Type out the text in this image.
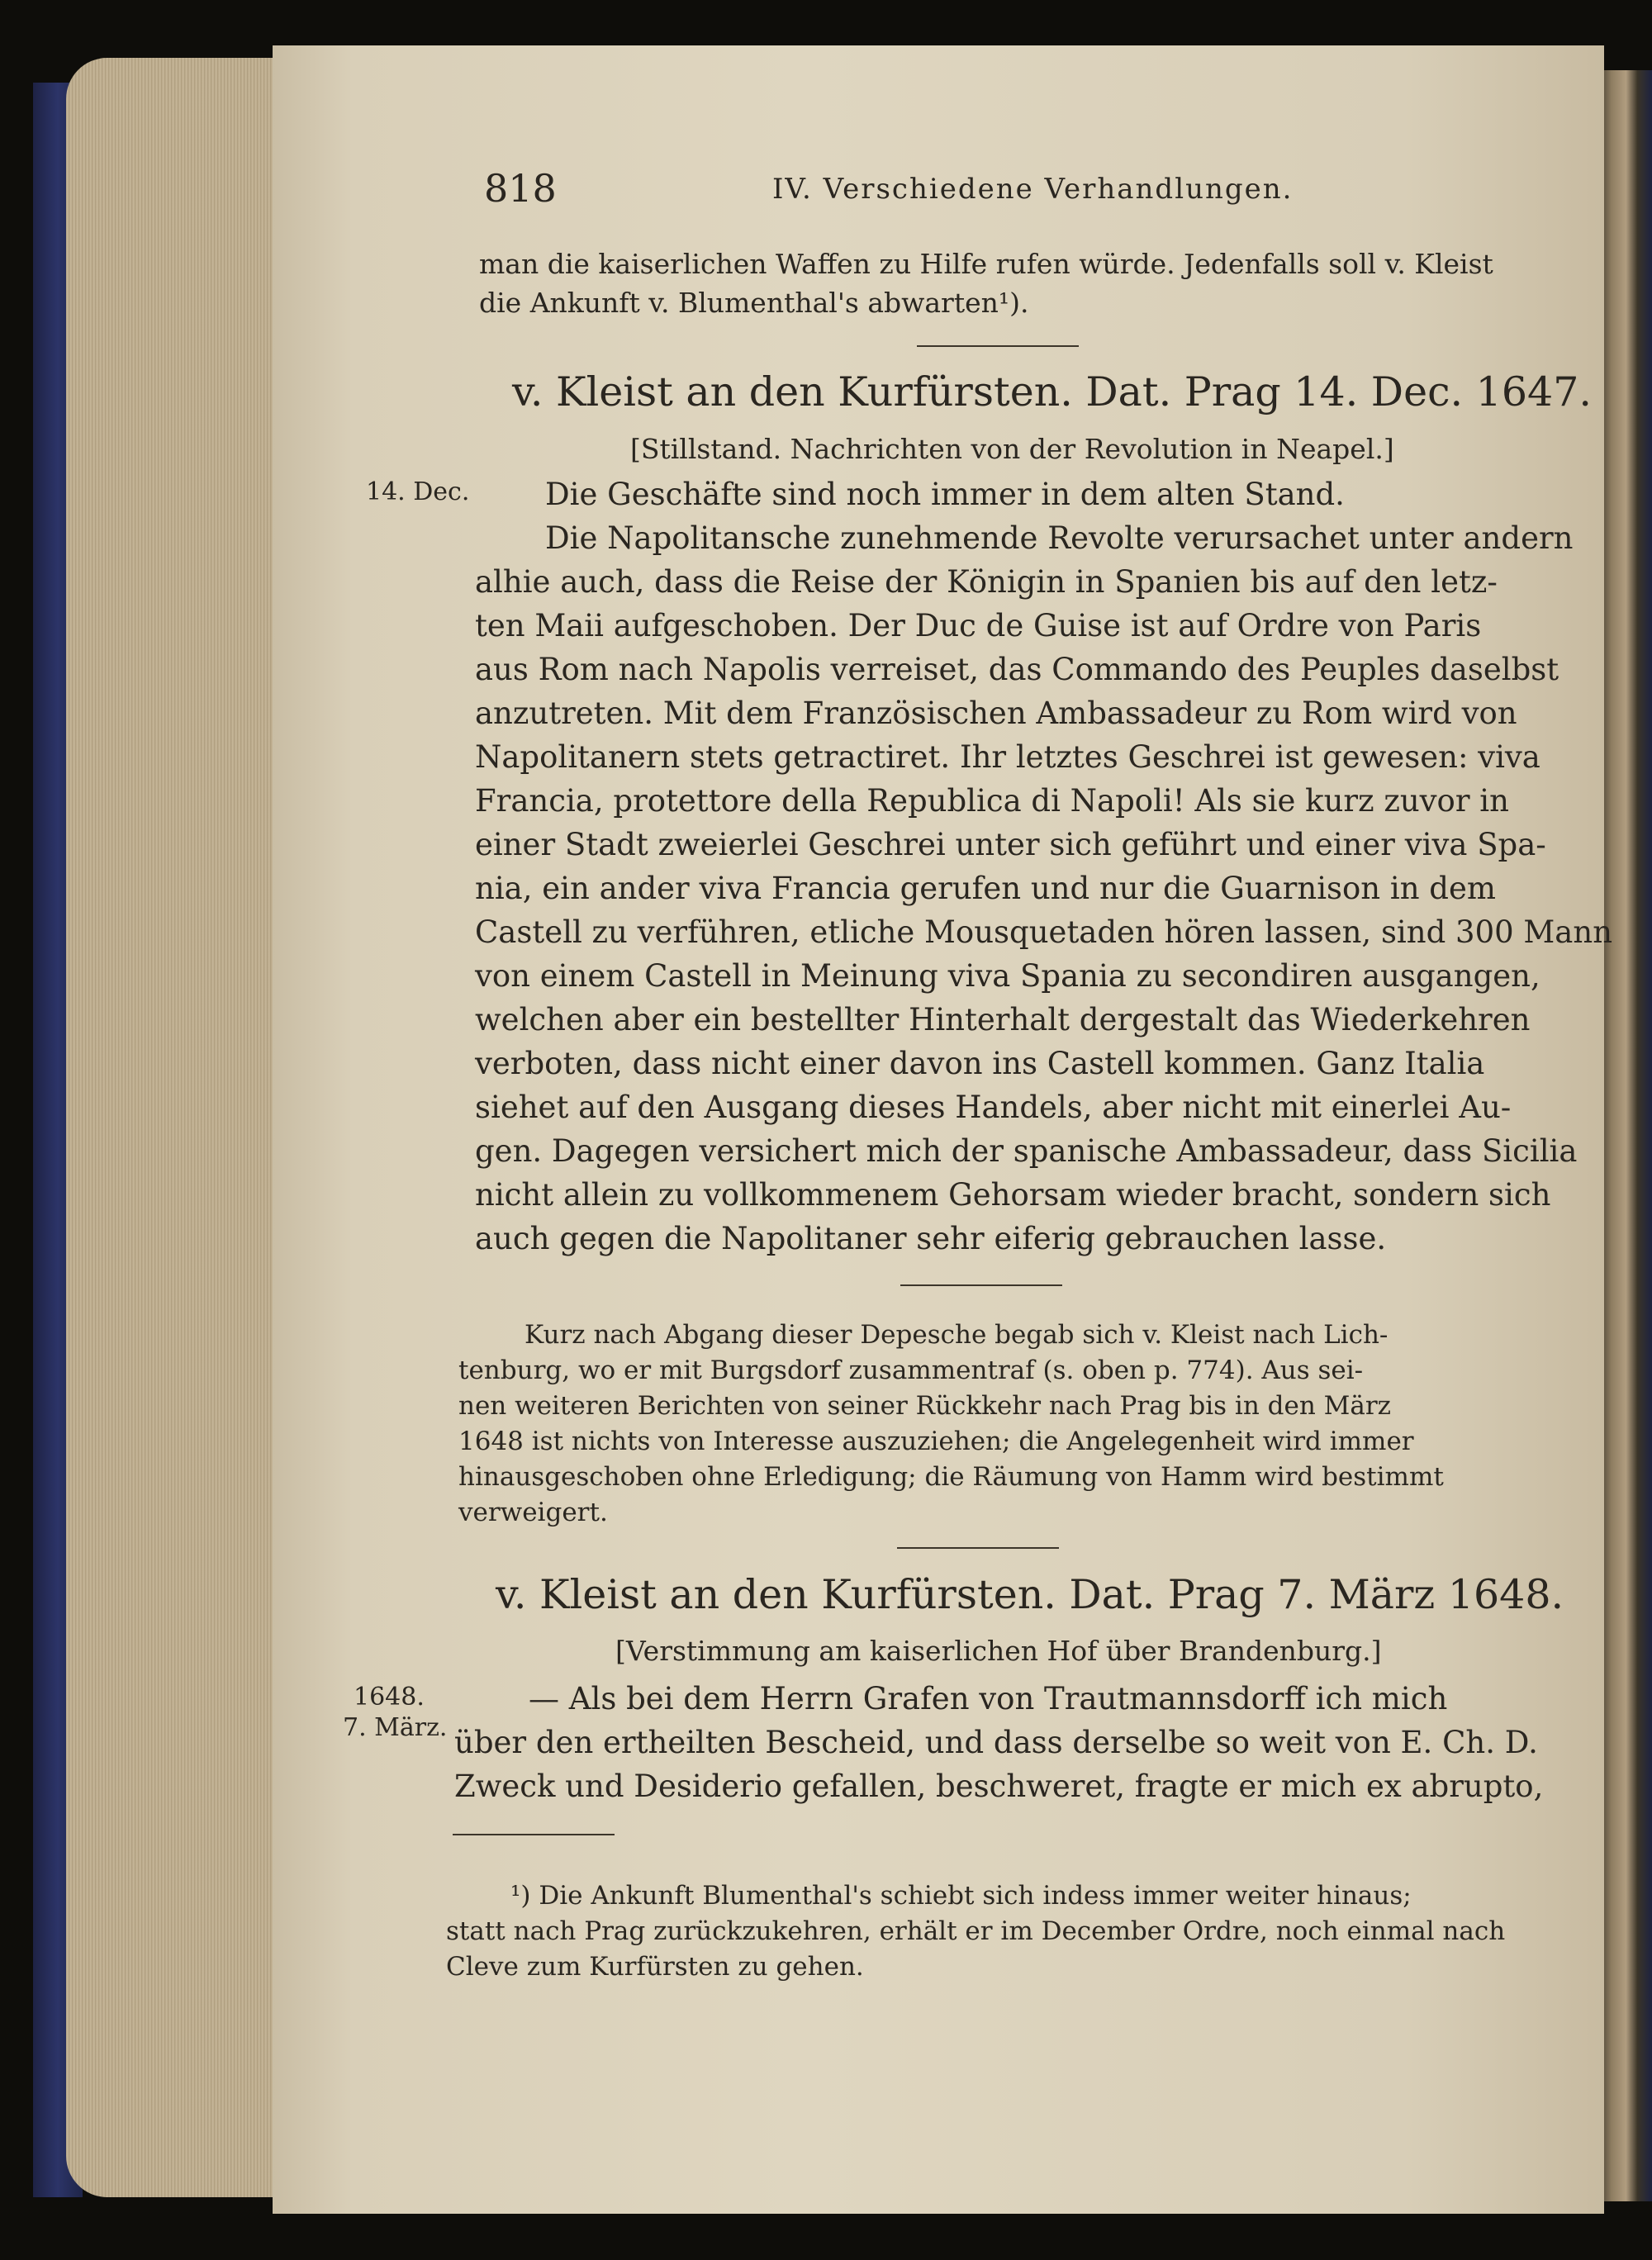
818	IV. Verschiedene Verhandlungen.
man die kaiserlichen Waffen zu Hilfe rufen würde. Jedenfalls soll v. Kleist
die Ankunft v. Blumenthal's abwarten¹).
v. Kleist an den Kurfürsten. Dat. Prag 14. Dec. 1647.
[Stillstand. Nachrichten von der Revolution in Neapel.]
14. Dec. Die Geschäfte sind noch immer in dem alten Stand.
Die Napolitansche zunehmende Revolte verursachet unter andern
alhie auch, dass die Reise der Königin in Spanien bis auf den letz-
ten Maii aufgeschoben. Der Duc de Guise ist auf Ordre von Paris
aus Rom nach Napolis verreiset, das Commando des Peuples daselbst
anzutreten. Mit dem Französischen Ambassadeur zu Rom wird von
Napolitanern stets getractiret. Ihr letztes Geschrei ist gewesen: viva
Francia, protettore della Republica di Napoli! Als sie kurz zuvor in
einer Stadt zweierlei Geschrei unter sich geführt und einer viva Spa-
nia, ein ander viva Francia gerufen und nur die Guarnison in dem
Castell zu verführen, etliche Mousquetaden hören lassen, sind 300 Mann
von einem Castell in Meinung viva Spania zu secondiren ausgangen,
welchen aber ein bestellter Hinterhalt dergestalt das Wiederkehren
verboten, dass nicht einer davon ins Castell kommen. Ganz Italia
siehet auf den Ausgang dieses Handels, aber nicht mit einerlei Au-
gen. Dagegen versichert mich der spanische Ambassadeur, dass Sicilia
nicht allein zu vollkommenem Gehorsam wieder bracht, sondern sich
auch gegen die Napolitaner sehr eiferig gebrauchen lasse.
Kurz nach Abgang dieser Depesche begab sich v. Kleist nach Lich-
tenburg, wo er mit Burgsdorf zusammentraf (s. oben p. 774). Aus sei-
nen weiteren Berichten von seiner Rückkehr nach Prag bis in den März
1648 ist nichts von Interesse auszuziehen; die Angelegenheit wird immer
hinausgeschoben ohne Erledigung; die Räumung von Hamm wird bestimmt
verweigert.
v. Kleist an den Kurfürsten. Dat. Prag 7. März 1648.
[Verstimmung am kaiserlichen Hof über Brandenburg.]
1648.
7. März.
— Als bei dem Herrn Grafen von Trautmannsdorff ich mich
über den ertheilten Bescheid, und dass derselbe so weit von E. Ch. D.
Zweck und Desiderio gefallen, beschweret, fragte er mich ex abrupto,
¹) Die Ankunft Blumenthal's schiebt sich indess immer weiter hinaus;
statt nach Prag zurückzukehren, erhält er im December Ordre, noch einmal nach
Cleve zum Kurfürsten zu gehen.
